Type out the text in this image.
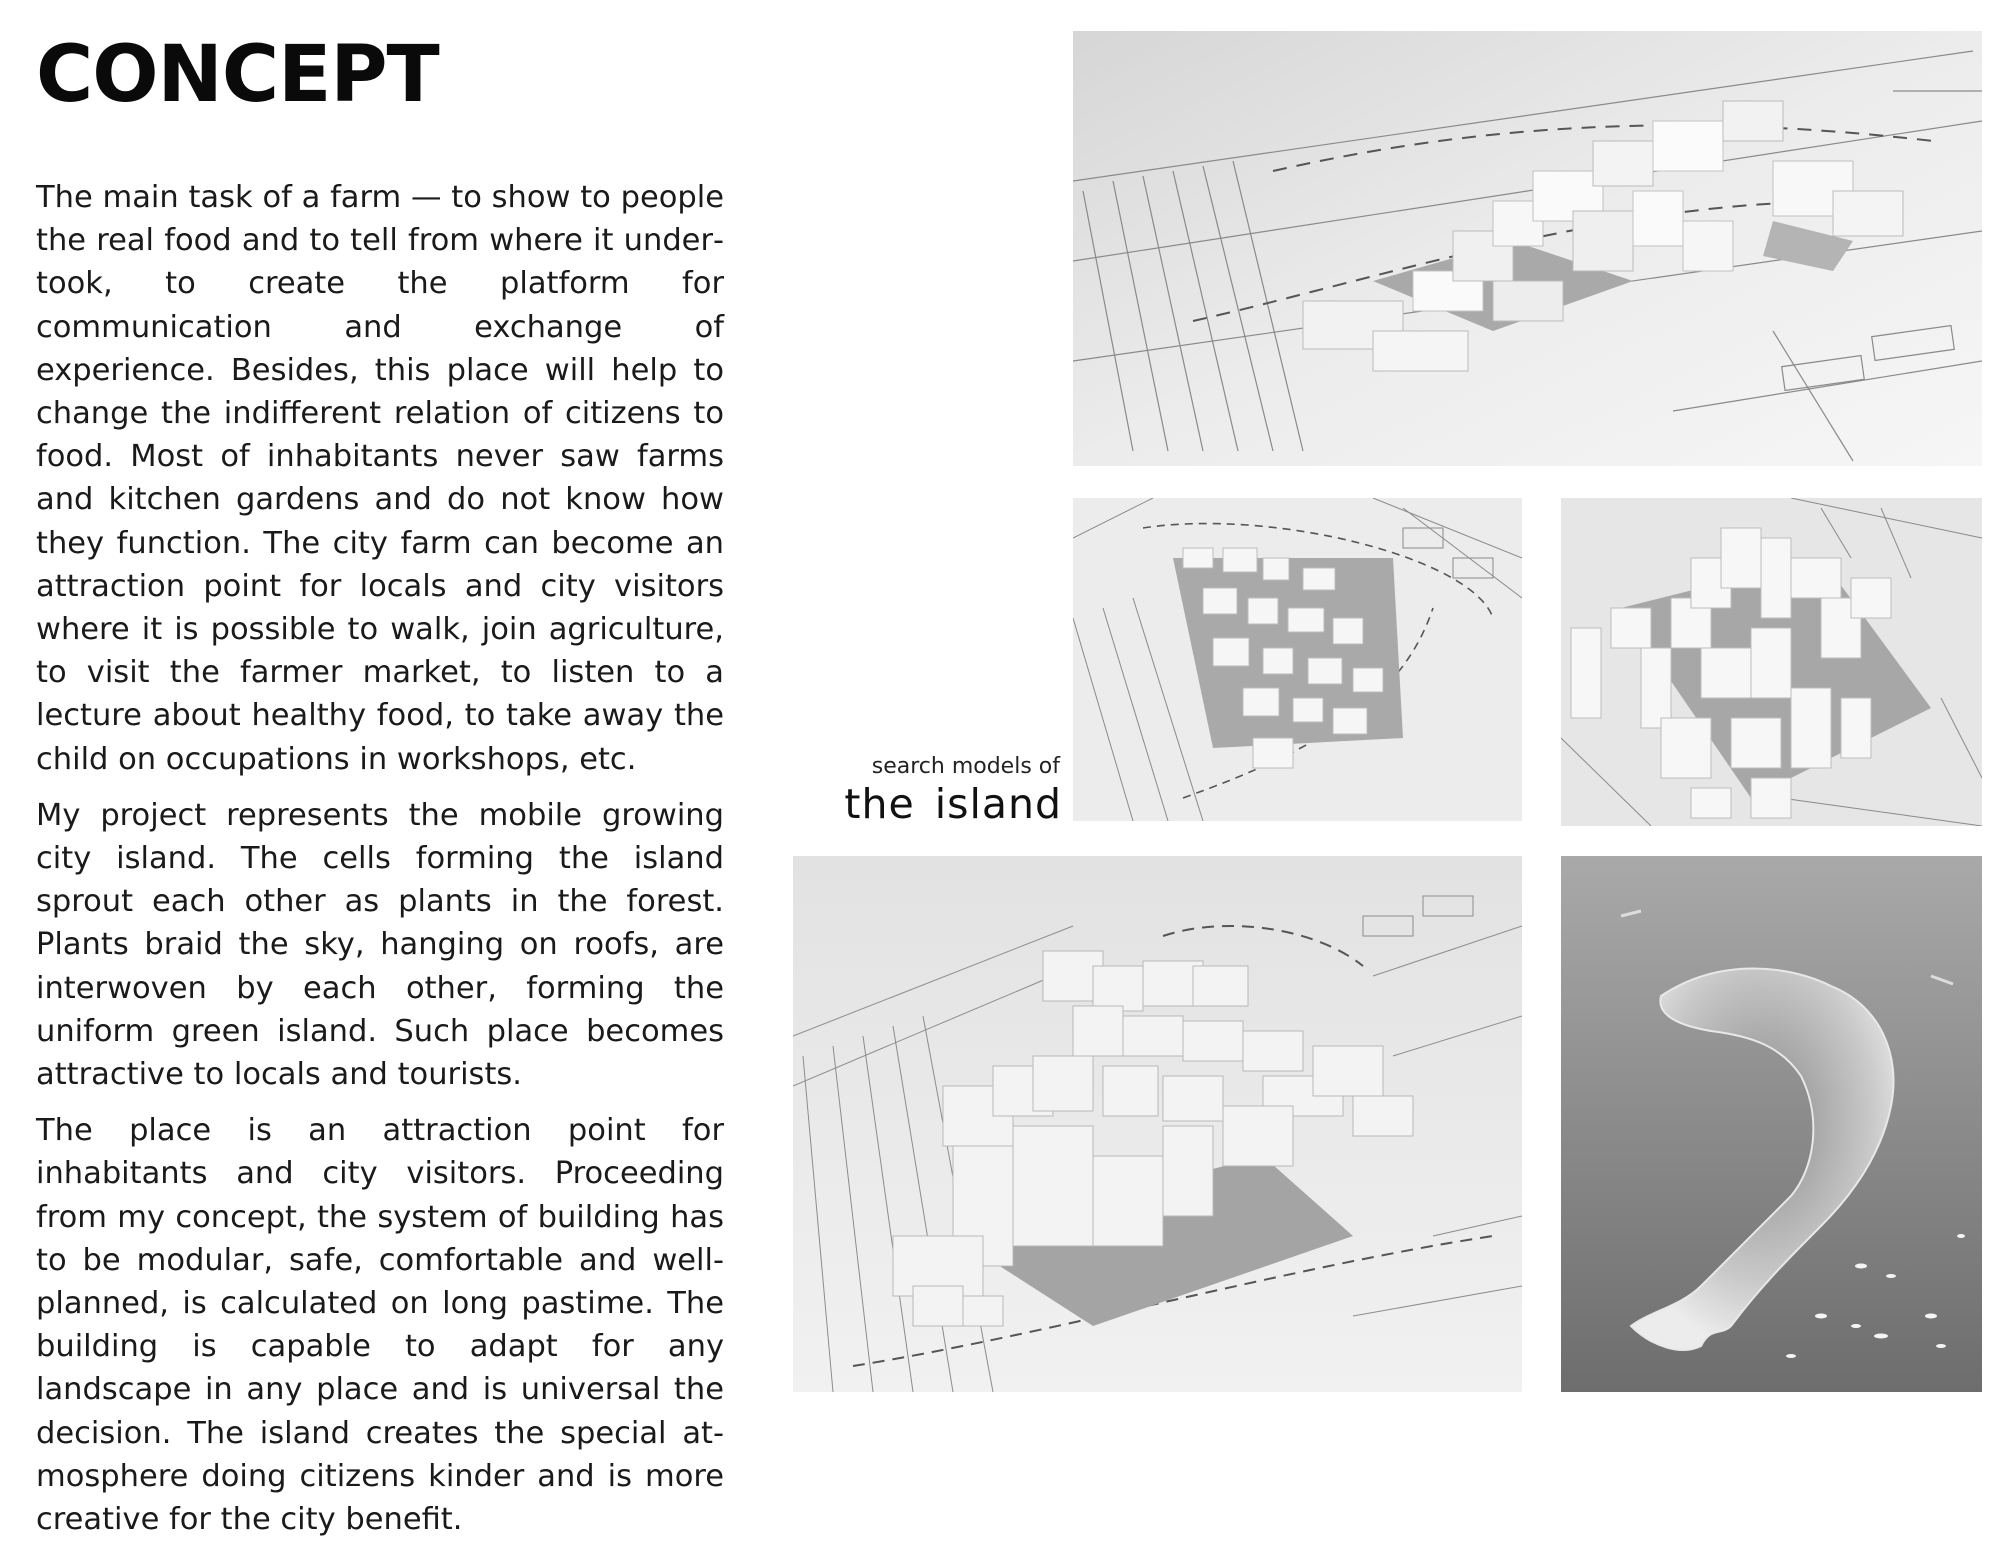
CONCEPT

The main task of a farm — to show to people the real food and to tell from where it undertook, to create the platform for communication and exchange of experience. Besides, this place will help to change the indifferent relation of citizens to food. Most of inhabitants never saw farms and kitchen gardens and do not know how they function. The city farm can become an attraction point for locals and city visitors where it is possible to walk, join agriculture, to visit the farmer market, to listen to a lecture about healthy food, to take away the child on occupations in workshops, etc.

My project represents the mobile growing city island. The cells forming the island sprout each other as plants in the forest. Plants braid the sky, hanging on roofs, are interwoven by each other, forming the uniform green island. Such place becomes attractive to locals and tourists.

The place is an attraction point for inhabitants and city visitors. Proceeding from my concept, the system of building has to be modular, safe, comfortable and well-planned, is calculated on long pastime. The building is capable to adapt for any landscape in any place and is universal the decision. The island creates the special atmosphere doing citizens kinder and is more creative for the city benefit.

search models of
the island
